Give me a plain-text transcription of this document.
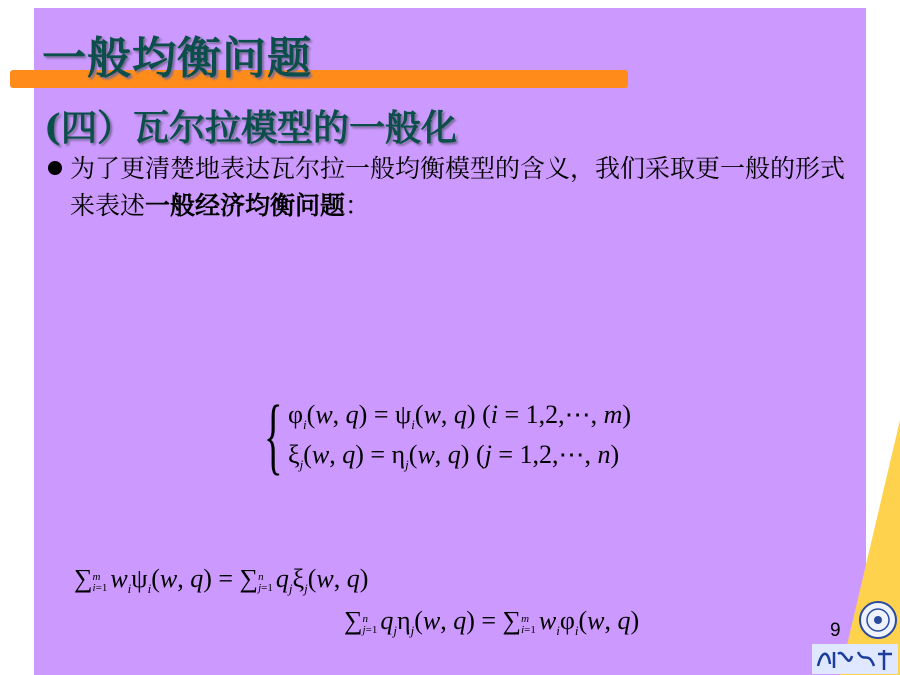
一般均衡问题
(四）瓦尔拉模型的一般化
为了更清楚地表达瓦尔拉一般均衡模型的含义，我们采取更一般的形式来表述一般经济均衡问题：
{ $\varphi_i(w$, $q) = \psi_i(w$, q) (i = 1,2,⋯, m)
$\xi_j(w$, $q) = \eta_j(w$, q) (j = 1,2,⋯, n)
∑ m
i=1 $w_i\psi_i(w$, q) = ∑ n
j=1 $q_j\xi_j(w$, q)
∑ n
j=1 $q_j\eta_j(w$, q) = ∑ m
i=1 $w_i\varphi_i(w$, q)	9
